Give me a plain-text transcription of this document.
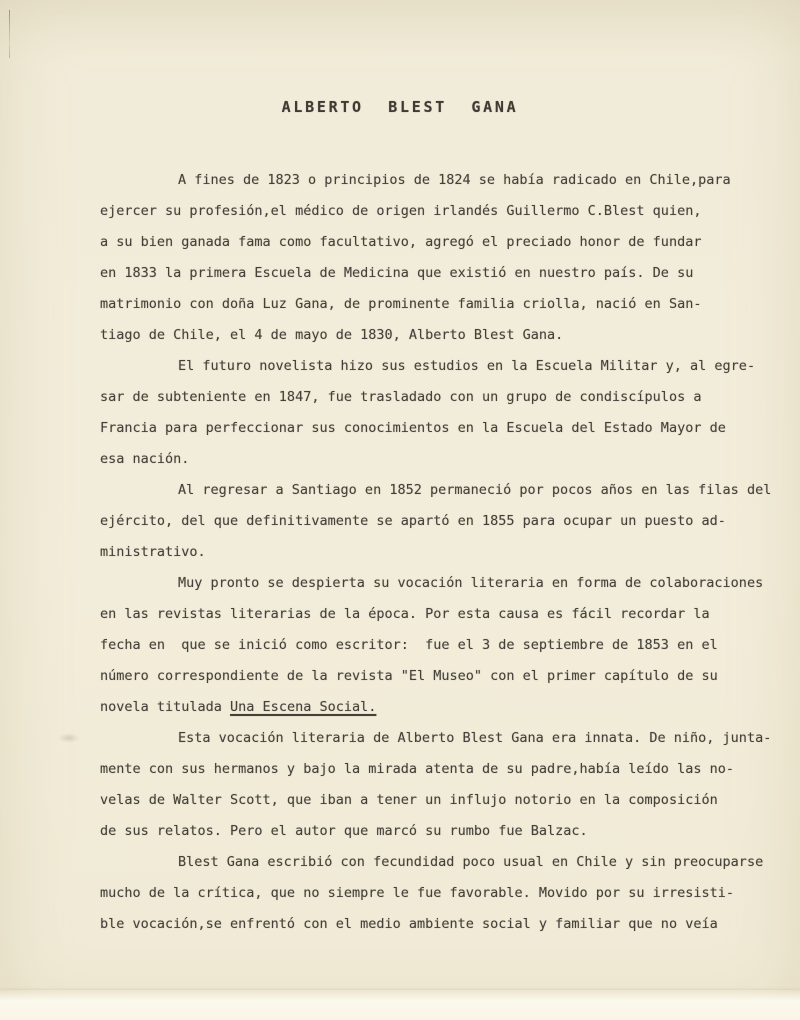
ALBERTO BLEST GANA
A fines de 1823 o principios de 1824 se había radicado en Chile,para
ejercer su profesión,el médico de origen irlandés Guillermo C.Blest quien,
a su bien ganada fama como facultativo, agregó el preciado honor de fundar
en 1833 la primera Escuela de Medicina que existió en nuestro país. De su
matrimonio con doña Luz Gana, de prominente familia criolla, nació en San-
tiago de Chile, el 4 de mayo de 1830, Alberto Blest Gana.
El futuro novelista hizo sus estudios en la Escuela Militar y, al egre-
sar de subteniente en 1847, fue trasladado con un grupo de condiscípulos a
Francia para perfeccionar sus conocimientos en la Escuela del Estado Mayor de
esa nación.
Al regresar a Santiago en 1852 permaneció por pocos años en las filas del
ejército, del que definitivamente se apartó en 1855 para ocupar un puesto ad-
ministrativo.
Muy pronto se despierta su vocación literaria en forma de colaboraciones
en las revistas literarias de la época. Por esta causa es fácil recordar la
fecha en  que se inició como escritor:  fue el 3 de septiembre de 1853 en el
número correspondiente de la revista "El Museo" con el primer capítulo de su
novela titulada Una Escena Social.
Esta vocación literaria de Alberto Blest Gana era innata. De niño, junta-
mente con sus hermanos y bajo la mirada atenta de su padre,había leído las no-
velas de Walter Scott, que iban a tener un influjo notorio en la composición
de sus relatos. Pero el autor que marcó su rumbo fue Balzac.
Blest Gana escribió con fecundidad poco usual en Chile y sin preocuparse
mucho de la crítica, que no siempre le fue favorable. Movido por su irresisti-
ble vocación,se enfrentó con el medio ambiente social y familiar que no veía
